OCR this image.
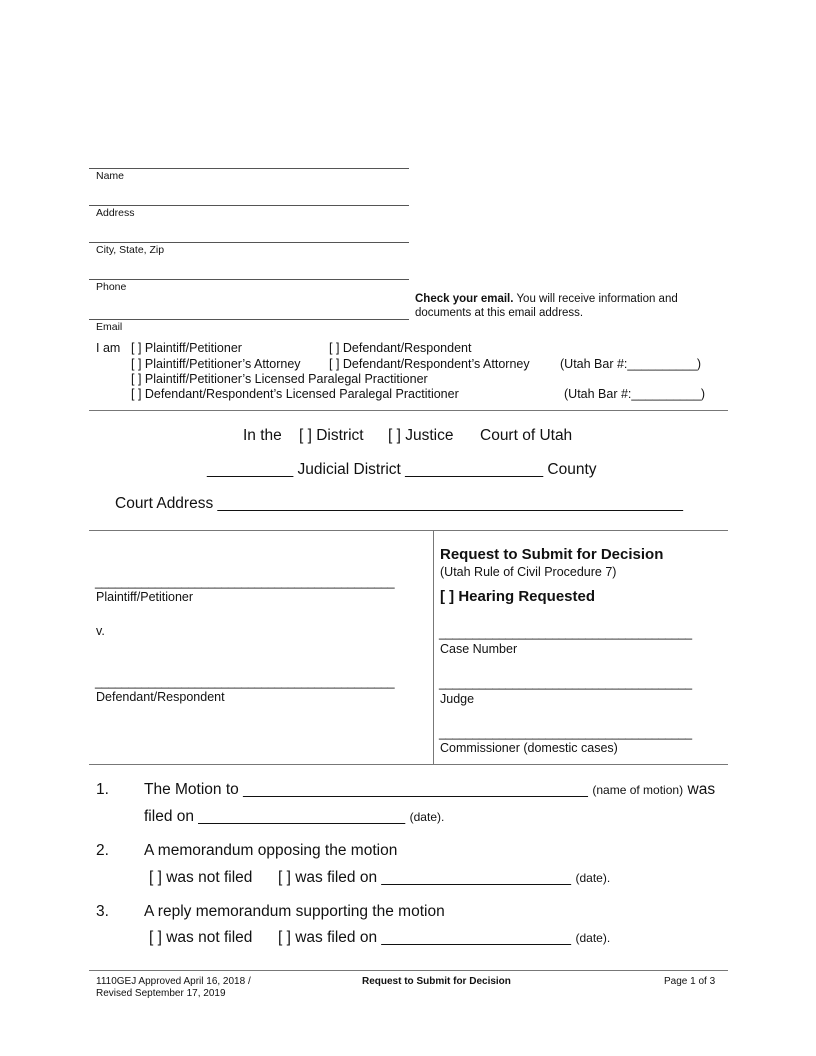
Name
Address
City, State, Zip
Phone
Email
Check your email. You will receive information and
documents at this email address.
I am [ ] Plaintiff/Petitioner	[ ] Defendant/Respondent
[ ] Plaintiff/Petitioner’s Attorney [ ] Defendant/Respondent’s Attorney (Utah Bar #:__________)
[ ] Plaintiff/Petitioner’s Licensed Paralegal Practitioner
[ ] Defendant/Respondent’s Licensed Paralegal Practitioner	(Utah Bar #:__________)
In the [ ] District [ ] Justice Court of Utah
__________ Judicial District ________________ County
Court Address ______________________________________________________
_____________________________________________
Plaintiff/Petitioner
v.
_____________________________________________
Defendant/Respondent
Request to Submit for Decision
(Utah Rule of Civil Procedure 7)
[ ] Hearing Requested
______________________________________
Case Number
______________________________________
Judge
______________________________________
Commissioner (domestic cases)
1. The Motion to ________________________________________ (name of motion) was
filed on ________________________ (date).
2. A memorandum opposing the motion
[ ] was not filed [ ] was filed on ______________________ (date).
3. A reply memorandum supporting the motion
[ ] was not filed [ ] was filed on ______________________ (date).
1110GEJ Approved April 16, 2018 /
Revised September 17, 2019
Request to Submit for Decision	Page 1 of 3
